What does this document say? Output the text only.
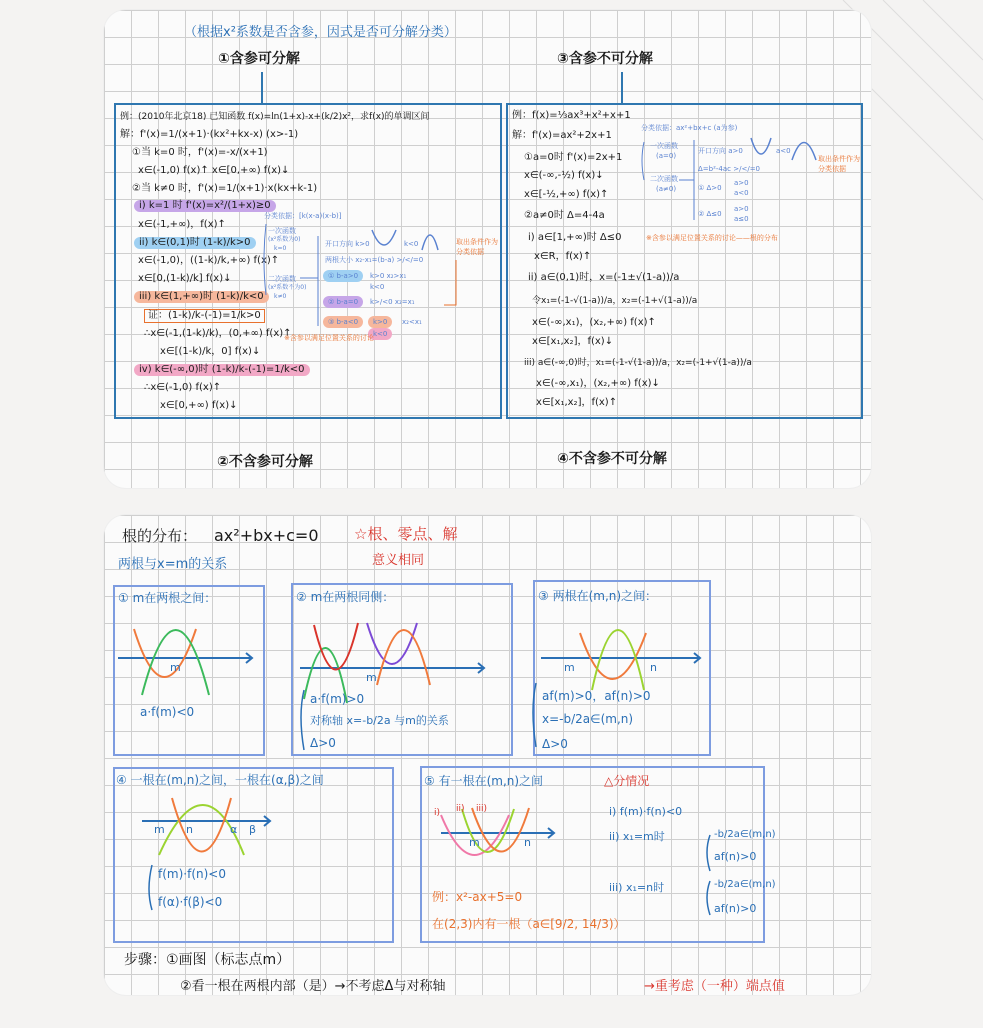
（根据x²系数是否含参，因式是否可分解分类）
①含参可分解	③含参不可分解
例：(2010年北京18) 已知函数 f(x)=ln(1+x)-x+(k/2)x²，求f(x)的单调区间
解：f'(x)=1/(x+1)·(kx²+kx-x) (x>-1)
①当 k=0 时，f'(x)=-x/(x+1)
x∈(-1,0) f(x)↑ x∈[0,+∞) f(x)↓
②当 k≠0 时，f'(x)=1/(x+1)·x(kx+k-1)
i) k=1 时 f'(x)=x²/(1+x)≥0
x∈(-1,+∞)，f(x)↑
ii) k∈(0,1)时 (1-k)/k>0
x∈(-1,0)，((1-k)/k,+∞) f(x)↑
x∈[0,(1-k)/k] f(x)↓
iii) k∈(1,+∞)时 (1-k)/k<0
证：(1-k)/k-(-1)=1/k>0
∴x∈(-1,(1-k)/k)，(0,+∞) f(x)↑
x∈[(1-k)/k，0] f(x)↓
iv) k∈(-∞,0)时 (1-k)/k-(-1)=1/k<0
∴x∈(-1,0) f(x)↑
x∈[0,+∞) f(x)↓
分类依据：[k(x-a)(x-b)]
一次函数
(x²系数为0)
k=0
二次函数
(x²系数不为0)
k≠0
开口方向 k>0	k<0
两根大小 x₂-x₁=(b-a) >/</=0
① b-a>0	k>0 x₂>x₁
k<0
② b-a=0	k>/<0 x₂=x₁
③ b-a<0	k>0
k<0
x₂<x₁
取出条件作为
分类依据
※含参以满足位置关系的讨论
例：f(x)=⅓ax³+x²+x+1
解：f'(x)=ax²+2x+1
①a=0时 f'(x)=2x+1
x∈(-∞,-½) f(x)↓
x∈[-½,+∞) f(x)↑
②a≠0时 Δ=4-4a
i) a∈[1,+∞)时 Δ≤0
x∈R，f(x)↑
ii) a∈(0,1)时，x=(-1±√(1-a))/a
令x₁=(-1-√(1-a))/a，x₂=(-1+√(1-a))/a
x∈(-∞,x₁)，(x₂,+∞) f(x)↑
x∈[x₁,x₂]，f(x)↓
iii) a∈(-∞,0)时，x₁=(-1-√(1-a))/a，x₂=(-1+√(1-a))/a
x∈(-∞,x₁)，(x₂,+∞) f(x)↓
x∈[x₁,x₂]，f(x)↑
分类依据：ax²+bx+c (a为参)
一次函数
(a=0)
二次函数
(a≠0)
开口方向 a>0	a<0
Δ=b²-4ac >/</=0
① Δ>0
a>0
a<0
② Δ≤0
a>0
a≤0
取出条件作为
分类依据
※含参以满足位置关系的讨论——根的分布
②不含参可分解	④不含参不可分解
根的分布： ax²+bx+c=0 ☆根、零点、解
意义相同
两根与x=m的关系
① m在两根之间：
m
a·f(m)<0
② m在两根同侧：
m
a·f(m)>0
对称轴 x=-b/2a 与m的关系
Δ>0
③ 两根在(m,n)之间：
m	n
af(m)>0，af(n)>0
x=-b/2a∈(m,n)
Δ>0
④ 一根在(m,n)之间，一根在(α,β)之间
m n	α β
f(m)·f(n)<0
f(α)·f(β)<0
⑤ 有一根在(m,n)之间	△分情况
i) ii) iii)
m	n
i) f(m)·f(n)<0
ii) x₁=m时	-b/2a∈(m,n)
af(n)>0
iii) x₁=n时	-b/2a∈(m,n)
af(n)>0
例：x²-ax+5=0
在(2,3)内有一根（a∈[9/2, 14/3)）
步骤：①画图（标志点m）
②看一根在两根内部（是）→不考虑Δ与对称轴	→重考虑（一种）端点值
